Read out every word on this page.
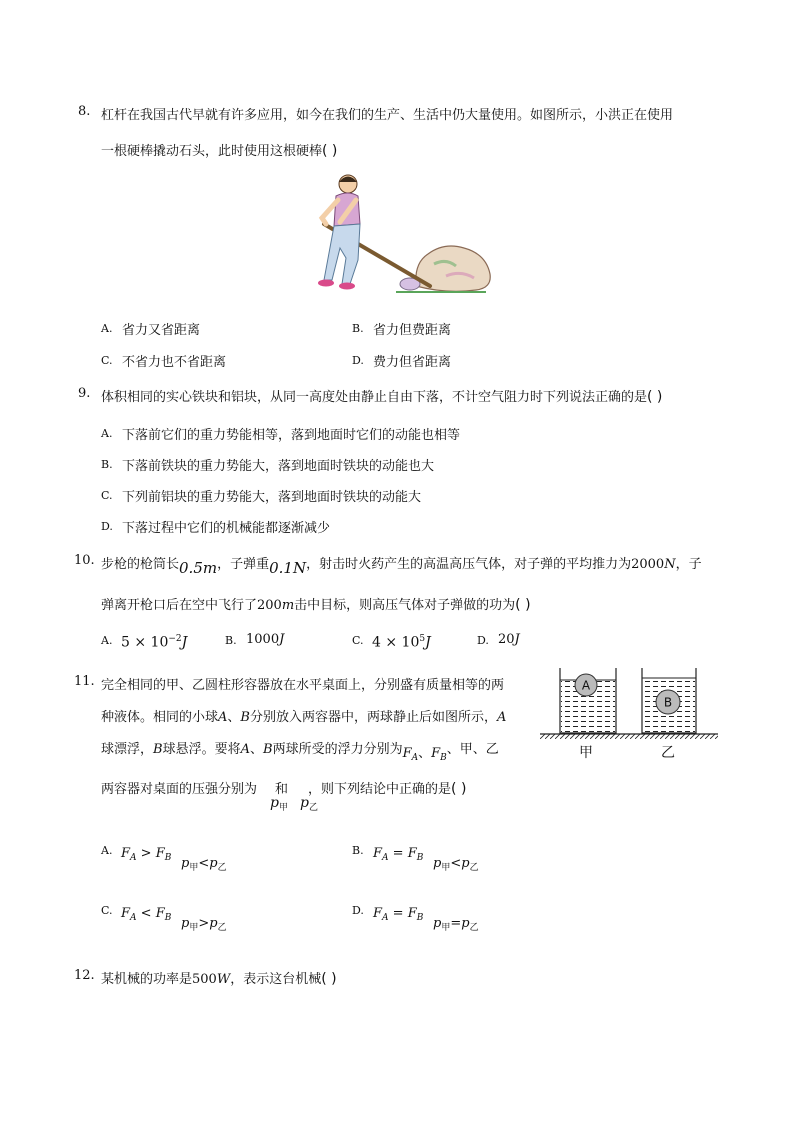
8. 杠杆在我国古代早就有许多应用，如今在我们的生产、生活中仍大量使用。如图所示，小洪正在使用
一根硬棒撬动石头，此时使用这根硬棒( )
A. 省力又省距离	B. 省力但费距离
C. 不省力也不省距离	D. 费力但省距离
9. 体积相同的实心铁块和铝块，从同一高度处由静止自由下落，不计空气阻力时下列说法正确的是( )
A. 下落前它们的重力势能相等，落到地面时它们的动能也相等
B. 下落前铁块的重力势能大，落到地面时铁块的动能也大
C. 下列前铝块的重力势能大，落到地面时铁块的动能大
D. 下落过程中它们的机械能都逐渐减少
10. 步枪的枪筒长0.5m，子弹重0.1N，射击时火药产生的高温高压气体，对子弹的平均推力为2000N，子
弹离开枪口后在空中飞行了200m击中目标，则高压气体对子弹做的功为( )
A. $5 \times 10^{-2}J$	B. 1000J	C. $4 \times 10^5J$	D. 20J
11. 完全相同的甲、乙圆柱形容器放在水平桌面上，分别盛有质量相等的两
种液体。相同的小球A、B分别放入两容器中，两球静止后如图所示，A
球漂浮，B球悬浮。要将A、B两球所受的浮力分别为$F_A$、$F_B$、甲、乙
两容器对桌面的压强分别为 和 ，则下列结论中正确的是( )
$p_甲$ $p_乙$
A
B
甲	乙
A. $F_A > F_B$ $p_甲<p_乙$
B. $F_A = F_B$ $p_甲<p_乙$
C. $F_A < F_B$ $p_甲>p_乙$
D. $F_A = F_B$ $p_甲=p_乙$
12. 某机械的功率是500W，表示这台机械( )
